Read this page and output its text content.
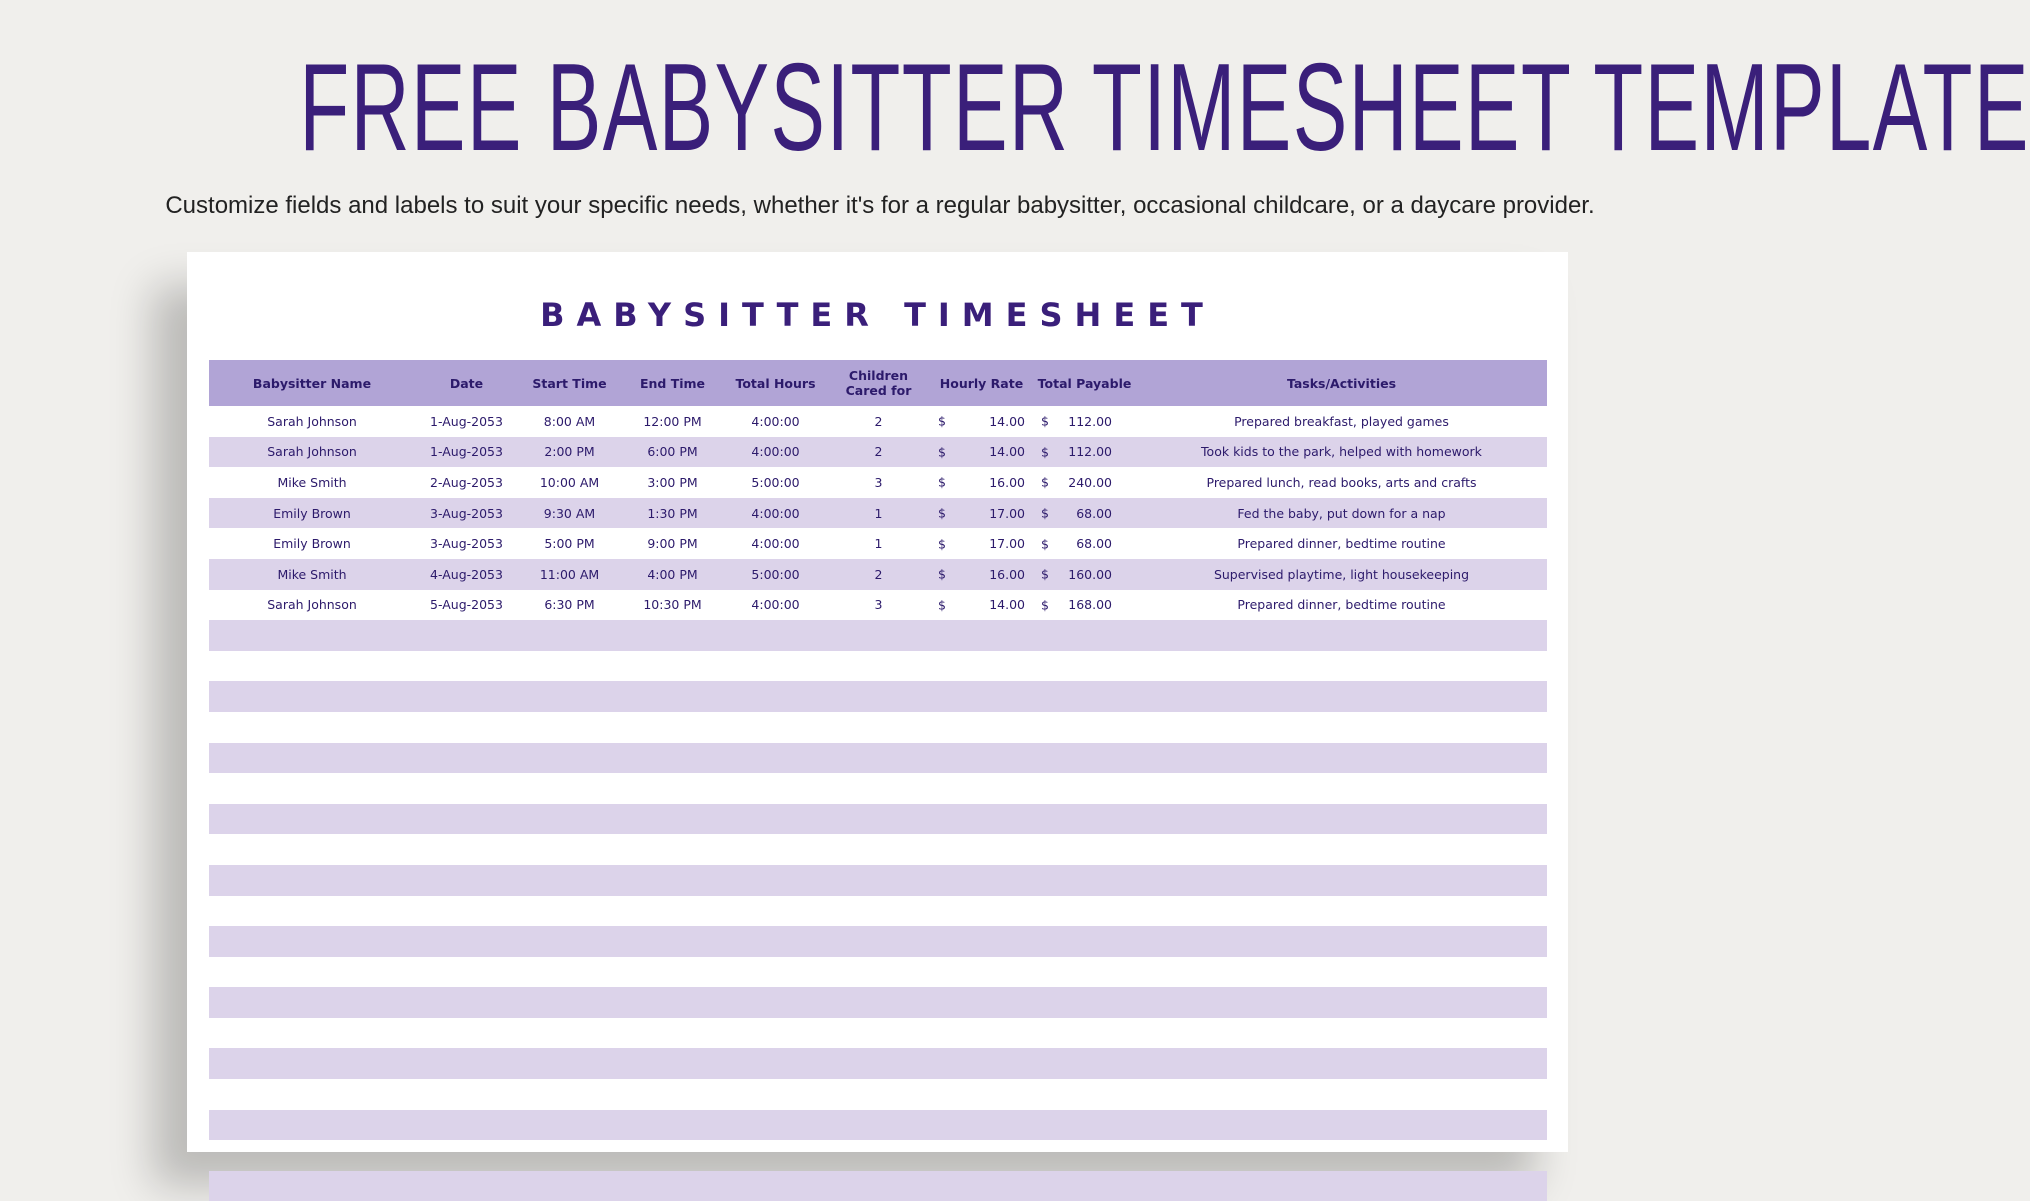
FREE BABYSITTER TIMESHEET TEMPLATE
Customize fields and labels to suit your specific needs, whether it's for a regular babysitter, occasional childcare, or a daycare provider.
BABYSITTER TIMESHEET
Babysitter Name	Date	Start Time	End Time	Total Hours	Children Cared for	Hourly Rate	Total Payable	Tasks/Activities
Sarah Johnson	1-Aug-2053	8:00 AM	12:00 PM	4:00:00	2	$ 14.00	$ 112.00	Prepared breakfast, played games
Sarah Johnson	1-Aug-2053	2:00 PM	6:00 PM	4:00:00	2	$ 14.00	$ 112.00	Took kids to the park, helped with homework
Mike Smith	2-Aug-2053	10:00 AM	3:00 PM	5:00:00	3	$ 16.00	$ 240.00	Prepared lunch, read books, arts and crafts
Emily Brown	3-Aug-2053	9:30 AM	1:30 PM	4:00:00	1	$ 17.00	$ 68.00	Fed the baby, put down for a nap
Emily Brown	3-Aug-2053	5:00 PM	9:00 PM	4:00:00	1	$ 17.00	$ 68.00	Prepared dinner, bedtime routine
Mike Smith	4-Aug-2053	11:00 AM	4:00 PM	5:00:00	2	$ 16.00	$ 160.00	Supervised playtime, light housekeeping
Sarah Johnson	5-Aug-2053	6:30 PM	10:30 PM	4:00:00	3	$ 14.00	$ 168.00	Prepared dinner, bedtime routine
